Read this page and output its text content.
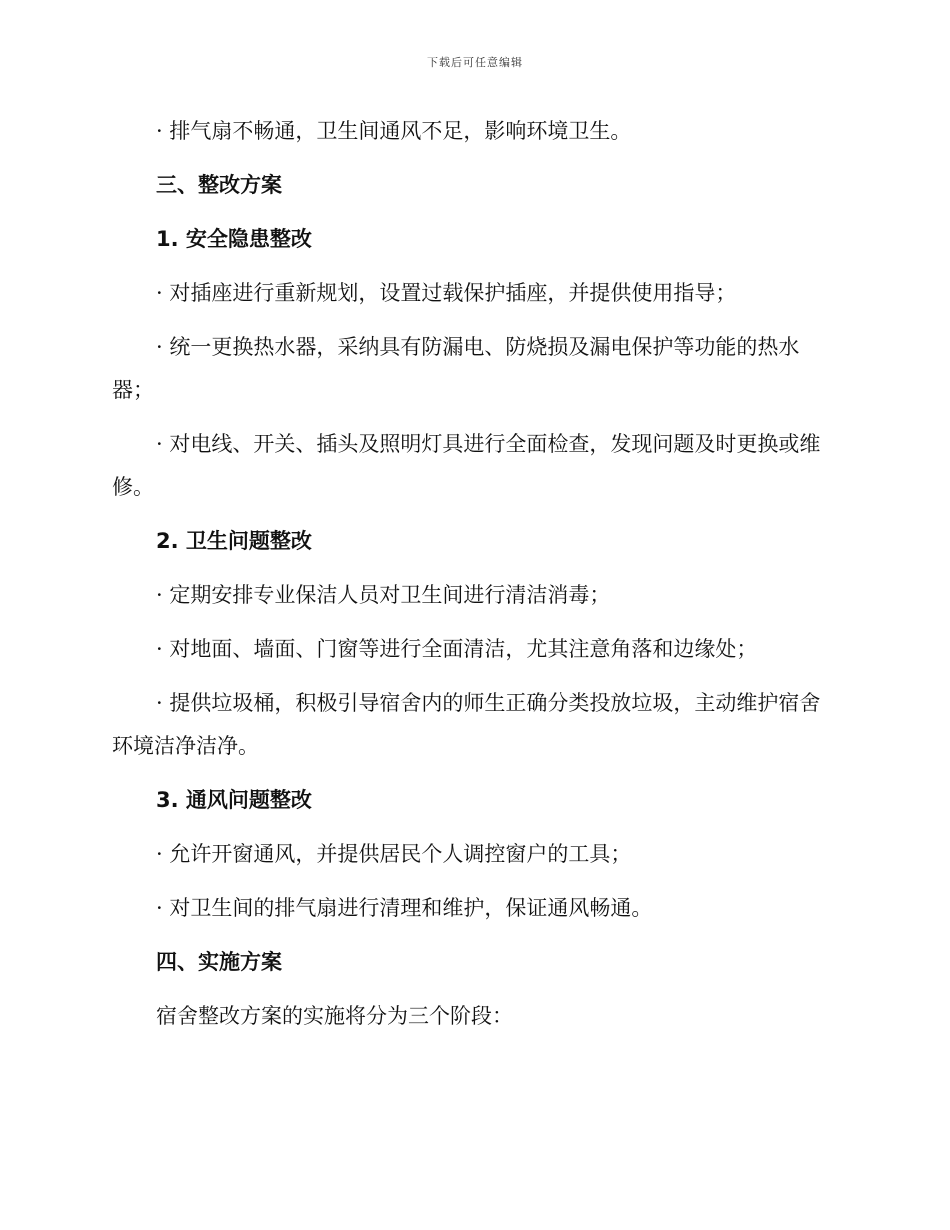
下载后可任意编辑

· 排气扇不畅通，卫生间通风不足，影响环境卫生。

三、整改方案

1. 安全隐患整改

· 对插座进行重新规划，设置过载保护插座，并提供使用指导；

· 统一更换热水器，采纳具有防漏电、防烧损及漏电保护等功能的热水器；

· 对电线、开关、插头及照明灯具进行全面检查，发现问题及时更换或维修。

2. 卫生问题整改

· 定期安排专业保洁人员对卫生间进行清洁消毒；

· 对地面、墙面、门窗等进行全面清洁，尤其注意角落和边缘处；

· 提供垃圾桶，积极引导宿舍内的师生正确分类投放垃圾，主动维护宿舍环境洁净洁净。

3. 通风问题整改

· 允许开窗通风，并提供居民个人调控窗户的工具；

· 对卫生间的排气扇进行清理和维护，保证通风畅通。

四、实施方案

宿舍整改方案的实施将分为三个阶段：
